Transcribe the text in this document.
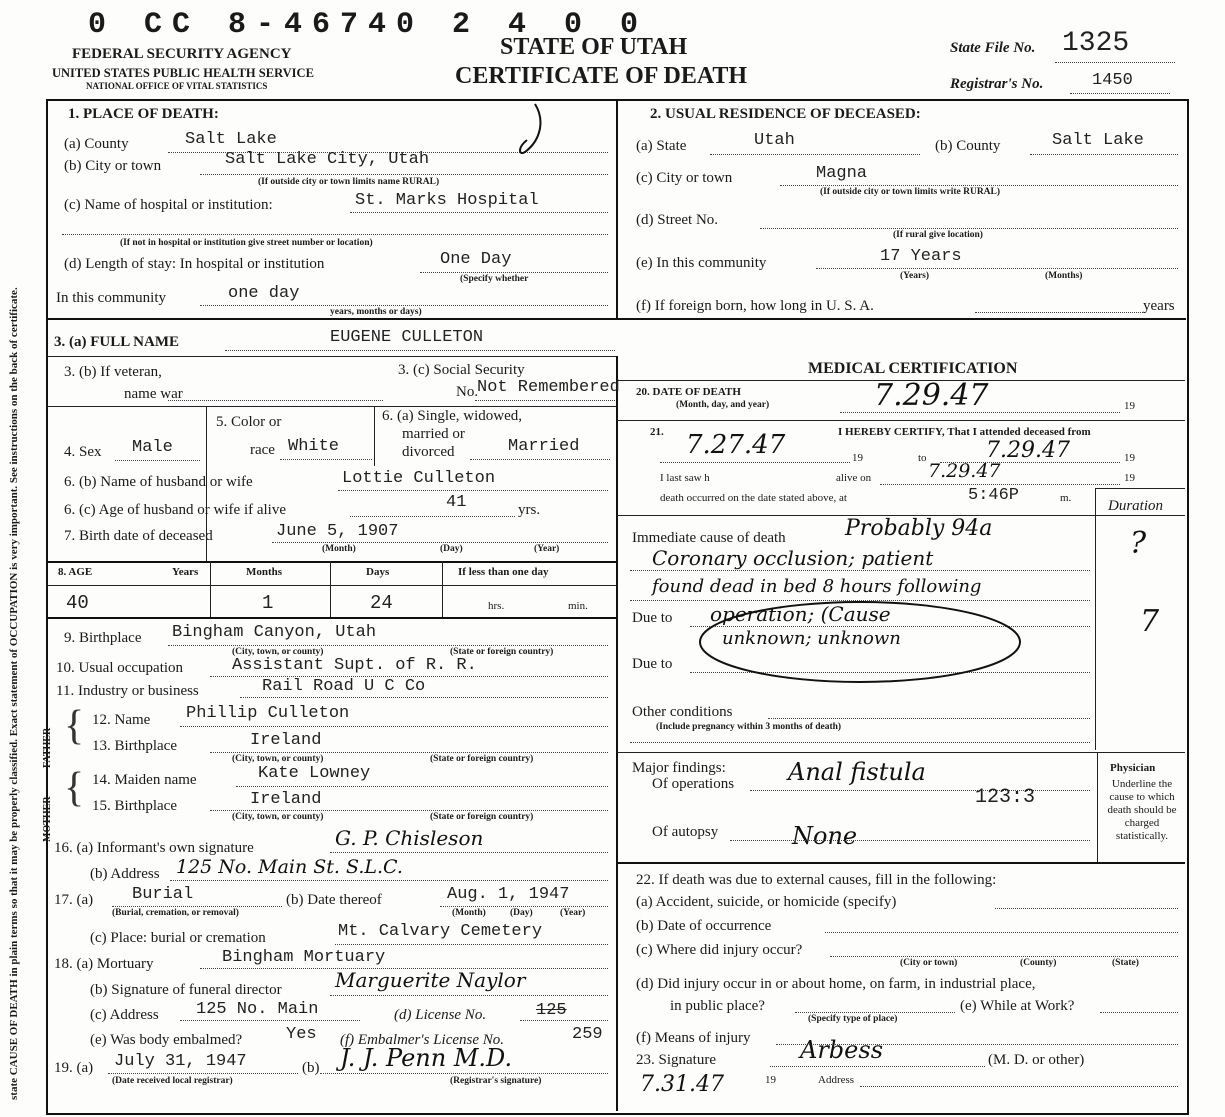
state CAUSE OF DEATH in plain terms so that it may be properly classified. Exact statement of OCCUPATION is very important. See instructions on the back of certificate.
0 CC 8-46740 2 4 0 0
FEDERAL SECURITY AGENCY
UNITED STATES PUBLIC HEALTH SERVICE
NATIONAL OFFICE OF VITAL STATISTICS
STATE OF UTAH
CERTIFICATE OF DEATH
State File No. 1325
Registrar's No.	1450
1. PLACE OF DEATH:
(a) County	Salt Lake
(b) City or town	Salt Lake City, Utah
(If outside city or town limits name RURAL)
(c) Name of hospital or institution:	St. Marks Hospital
(If not in hospital or institution give street number or location)
(d) Length of stay: In hospital or institution	One Day
(Specify whether
In this community	one day
years, months or days)
2. USUAL RESIDENCE OF DECEASED:
(a) State	Utah	(b) County	Salt Lake
(c) City or town	Magna
(If outside city or town limits write RURAL)
(d) Street No.
(If rural give location)
(e) In this community	17 Years
(Years)	(Months)
(f) If foreign born, how long in U. S. A.	years
3. (a) FULL NAME	EUGENE CULLETON
3. (b) If veteran,
name war
3. (c) Social Security
No.
Not Remembered
4. Sex Male
5. Color or
race White
6. (a) Single, widowed,
married or
divorced	Married
6. (b) Name of husband or wife	Lottie Culleton
6. (c) Age of husband or wife if alive	41	yrs.
7. Birth date of deceased	June 5, 1907
(Month)	(Day)	(Year)
8. AGE	Years	Months	Days	If less than one day
40	1	24	hrs.	min.
9. Birthplace Bingham Canyon, Utah
(City, town, or county)	(State or foreign country)
10. Usual occupation	Assistant Supt. of R. R.
11. Industry or business	Rail Road U C Co
FATHER
MOTHER
{
{
12. Name Phillip Culleton
13. Birthplace	Ireland
(City, town, or county)	(State or foreign country)
14. Maiden name	Kate Lowney
15. Birthplace	Ireland
(City, town, or county)	(State or foreign country)
16. (a) Informant's own signature	G. P. Chisleson
(b) Address 125 No. Main St. S.L.C.
17. (a) Burial
(Burial, cremation, or removal)
(b) Date thereof	Aug. 1, 1947
(Month)	(Day)	(Year)
(c) Place: burial or cremation	Mt. Calvary Cemetery
18. (a) Mortuary	Bingham Mortuary
(b) Signature of funeral director	Marguerite Naylor
(c) Address 125 No. Main	(d) License No.	125
(e) Was body embalmed?	Yes (f) Embalmer's License No.	259
19. (a) July 31, 1947
(Date received local registrar)
(b) J. J. Penn M.D.
(Registrar's signature)
MEDICAL CERTIFICATION
20. DATE OF DEATH
(Month, day, and year)	7.29.47	19
21.	I HEREBY CERTIFY, That I attended deceased from
7.27.47	19	to	7.29.47	19
I last saw h	alive on	7.29.47	19
death occurred on the date stated above, at	5:46P	m. Duration
Immediate cause of death	Probably 94a
Coronary occlusion; patient
found dead in bed 8 hours following
Due to operation; (Cause
unknown; unknown
Due to
?
7
Other conditions
(Include pregnancy within 3 months of death)
Major findings:
Of operations Anal fistula
123:3
Of autopsy	None
Physician
Underline the cause to which death should be charged statistically.
22. If death was due to external causes, fill in the following:
(a) Accident, suicide, or homicide (specify)
(b) Date of occurrence
(c) Where did injury occur?
(City or town)	(County)	(State)
(d) Did injury occur in or about home, on farm, in industrial place,
in public place?
(Specify type of place)
(e) While at Work?
(f) Means of injury
23. Signature	Arbess	(M. D. or other)
7.31.47	19	Address
